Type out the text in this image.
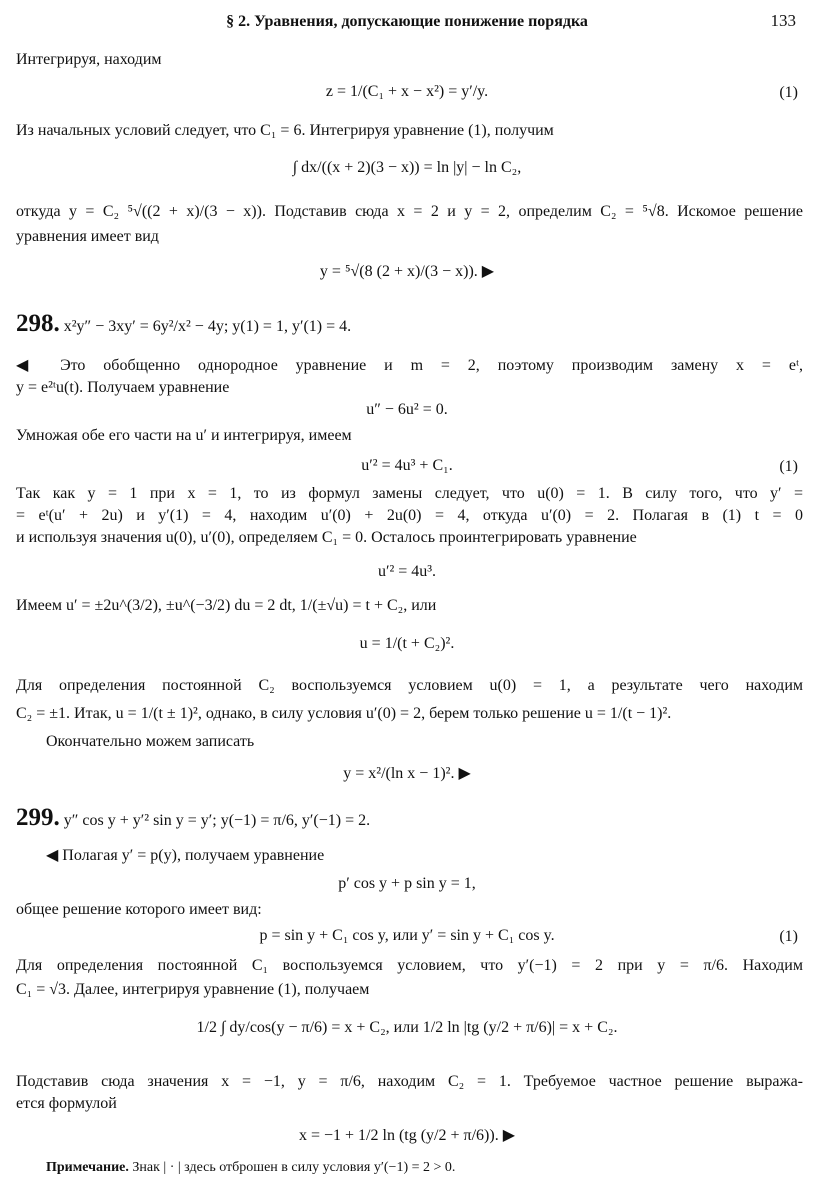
§ 2. Уравнения, допускающие понижение порядка	133
Интегрируя, находим
z = 1/(C₁ + x − x²) = y′/y.	(1)
Из начальных условий следует, что C₁ = 6. Интегрируя уравнение (1), получим
∫ dx/((x + 2)(3 − x)) = ln |y| − ln C₂,
откуда y = C₂ ⁵√((2 + x)/(3 − x)). Подставив сюда x = 2 и y = 2, определим C₂ = ⁵√8. Искомое решение
уравнения имеет вид
y = ⁵√(8 (2 + x)/(3 − x)). ▶
298. x²y″ − 3xy′ = 6y²/x² − 4y; y(1) = 1, y′(1) = 4.
◀ Это обобщенно однородное уравнение и m = 2, поэтому производим замену x = eᵗ,
y = e²ᵗu(t). Получаем уравнение
u″ − 6u² = 0.
Умножая обе его части на u′ и интегрируя, имеем
u′² = 4u³ + C₁.	(1)
Так как y = 1 при x = 1, то из формул замены следует, что u(0) = 1. В силу того, что y′ =
= eᵗ(u′ + 2u) и y′(1) = 4, находим u′(0) + 2u(0) = 4, откуда u′(0) = 2. Полагая в (1) t = 0
и используя значения u(0), u′(0), определяем C₁ = 0. Осталось проинтегрировать уравнение
u′² = 4u³.
Имеем u′ = ±2u^(3/2), ±u^(−3/2) du = 2 dt, 1/(±√u) = t + C₂, или
u = 1/(t + C₂)².
Для определения постоянной C₂ воспользуемся условием u(0) = 1, а результате чего находим
C₂ = ±1. Итак, u = 1/(t ± 1)², однако, в силу условия u′(0) = 2, берем только решение u = 1/(t − 1)².
Окончательно можем записать
y = x²/(ln x − 1)². ▶
299. y″ cos y + y′² sin y = y′; y(−1) = π/6, y′(−1) = 2.
◀ Полагая y′ = p(y), получаем уравнение
p′ cos y + p sin y = 1,
общее решение которого имеет вид:
p = sin y + C₁ cos y, или y′ = sin y + C₁ cos y.	(1)
Для определения постоянной C₁ воспользуемся условием, что y′(−1) = 2 при y = π/6. Находим
C₁ = √3. Далее, интегрируя уравнение (1), получаем
1/2 ∫ dy/cos(y − π/6) = x + C₂, или 1/2 ln |tg (y/2 + π/6)| = x + C₂.
Подставив сюда значения x = −1, y = π/6, находим C₂ = 1. Требуемое частное решение выража-
ется формулой
x = −1 + 1/2 ln (tg (y/2 + π/6)). ▶
Примечание. Знак | · | здесь отброшен в силу условия y′(−1) = 2 > 0.
